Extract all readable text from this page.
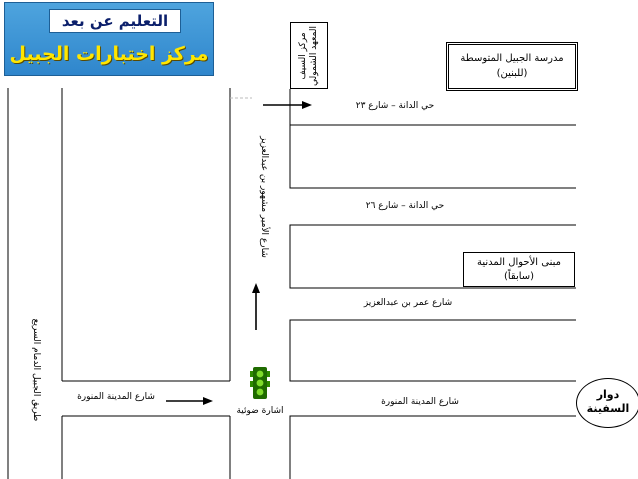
حي الدانة – شارع ٢٣
حي الدانة – شارع ٢٦
شارع عمر بن عبدالعزيز
شارع المدينة المنورة	شارع المدينة المنورة
اشارة ضوئية
شارع الأمير مشهور بن عبدالعزيز
طريق الجبيل الدمام السريع
التعليم عن بعد
مركز اختبارات الجبيل	مدرسة الجبيل المتوسطة
(للبنين)
مبنى الأحوال المدنية
(سابقاً)
مركز السيف المعهد الشمولي
دوار
السفينة
